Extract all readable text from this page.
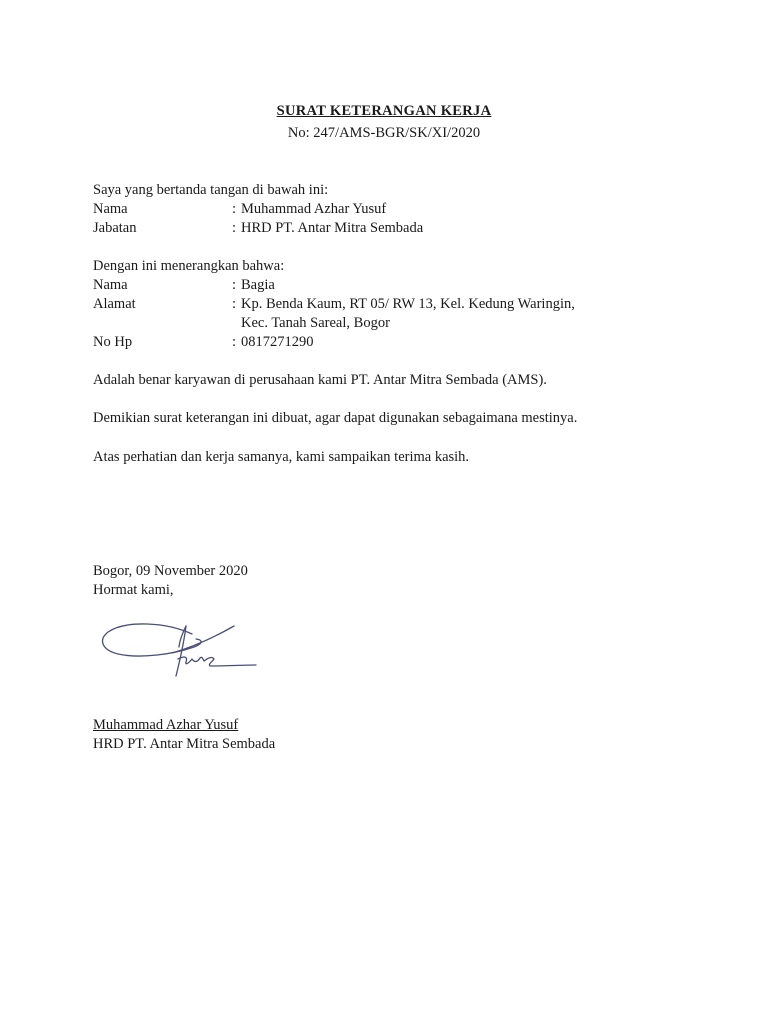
SURAT KETERANGAN KERJA
No: 247/AMS-BGR/SK/XI/2020
Saya yang bertanda tangan di bawah ini:
Nama	: Muhammad Azhar Yusuf
Jabatan	: HRD PT. Antar Mitra Sembada
Dengan ini menerangkan bahwa:
Nama	: Bagia
Alamat	: Kp. Benda Kaum, RT 05/ RW 13, Kel. Kedung Waringin,
Kec. Tanah Sareal, Bogor
No Hp	: 0817271290
Adalah benar karyawan di perusahaan kami PT. Antar Mitra Sembada (AMS).
Demikian surat keterangan ini dibuat, agar dapat digunakan sebagaimana mestinya.
Atas perhatian dan kerja samanya, kami sampaikan terima kasih.
Bogor, 09 November 2020
Hormat kami,
Muhammad Azhar Yusuf
HRD PT. Antar Mitra Sembada
